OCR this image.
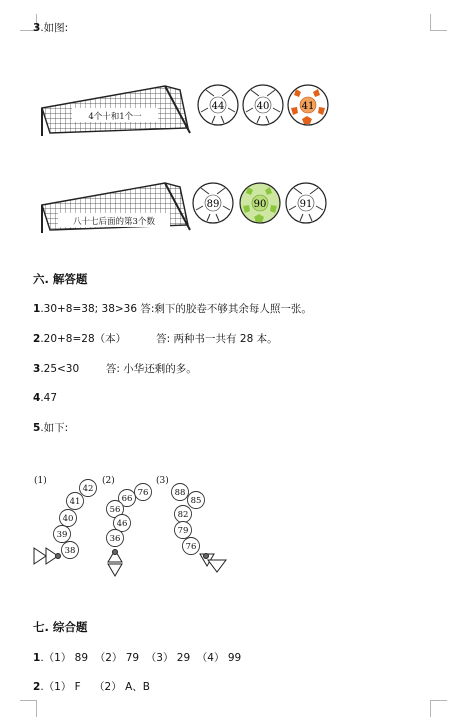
3.如图:
4个十和1个一
44	40	41
八十七后面的第3个数
89	90	91
六. 解答题
1.30+8=38; 38>36 答:剩下的胶卷不够其余每人照一张。
2.20+8=28（本）         答: 两种书一共有 28 本。
3.25<30        答: 小华还剩的多。
4.47
5.如下:
(1)	(2)	(3)
42
41
40
39
38
76
66
56
46
36
88
85
82
79
76
七. 综合题
1.（1） 89  （2） 79  （3） 29  （4） 99
2.（1） F    （2） A、B
